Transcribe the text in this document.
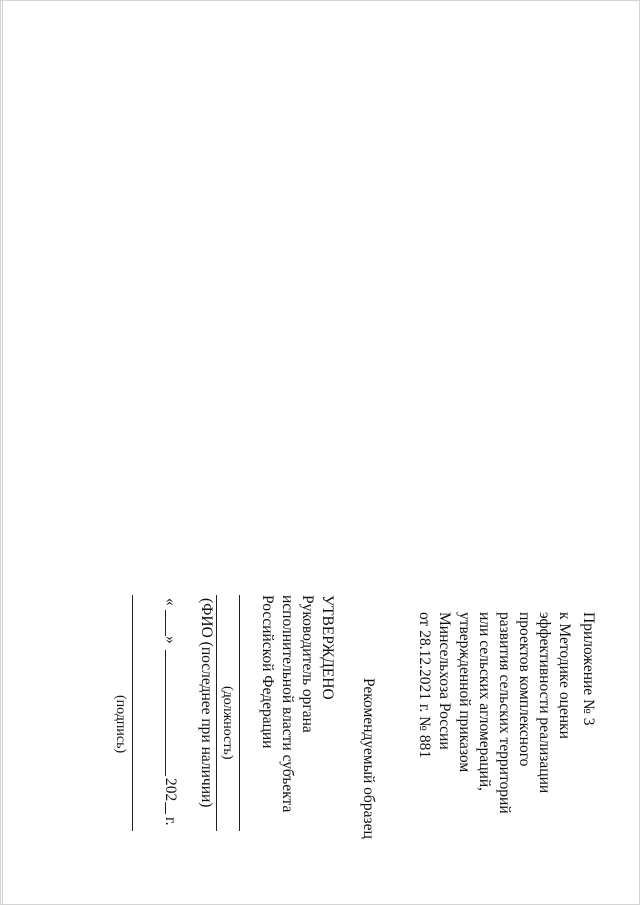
Приложение № 3
к Методике оценки
эффективности реализации
проектов комплексного
развития сельских территорий
или сельских агломераций,
утвержденной приказом
Минсельхоза России
от 28.12.2021 г. № 881
Рекомендуемый образец
УТВЕРЖДЕНО
Руководитель органа
исполнительной власти субъекта
Российской Федерации
(должность)
(ФИО (последнее при наличии)
«
»
202
г.
(подпись)
